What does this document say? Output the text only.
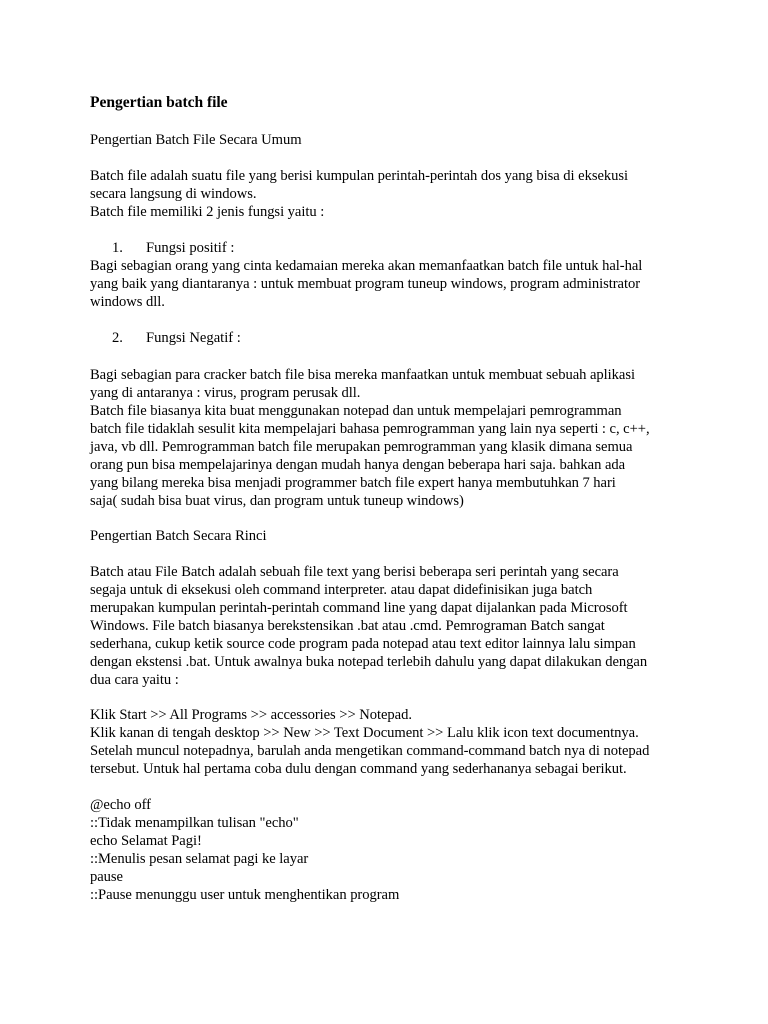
Pengertian batch file

Pengertian Batch File Secara Umum

Batch file adalah suatu file yang berisi kumpulan perintah-perintah dos yang bisa di eksekusi

secara langsung di windows.

Batch file memiliki 2 jenis fungsi yaitu :

1. Fungsi positif :

Bagi sebagian orang yang cinta kedamaian mereka akan memanfaatkan batch file untuk hal-hal

yang baik yang diantaranya : untuk membuat program tuneup windows, program administrator

windows dll.

2. Fungsi Negatif :

Bagi sebagian para cracker batch file bisa mereka manfaatkan untuk membuat sebuah aplikasi

yang di antaranya : virus, program perusak dll.

Batch file biasanya kita buat menggunakan notepad dan untuk mempelajari pemrogramman

batch file tidaklah sesulit kita mempelajari bahasa pemrogramman yang lain nya seperti : c, c++,

java, vb dll. Pemrogramman batch file merupakan pemrogramman yang klasik dimana semua

orang pun bisa mempelajarinya dengan mudah hanya dengan beberapa hari saja. bahkan ada

yang bilang mereka bisa menjadi programmer batch file expert hanya membutuhkan 7 hari

saja( sudah bisa buat virus, dan program untuk tuneup windows)

Pengertian Batch Secara Rinci

Batch atau File Batch adalah sebuah file text yang berisi beberapa seri perintah yang secara

segaja untuk di eksekusi oleh command interpreter. atau dapat didefinisikan juga batch

merupakan kumpulan perintah-perintah command line yang dapat dijalankan pada Microsoft

Windows. File batch biasanya berekstensikan .bat atau .cmd. Pemrograman Batch sangat

sederhana, cukup ketik source code program pada notepad atau text editor lainnya lalu simpan

dengan ekstensi .bat. Untuk awalnya buka notepad terlebih dahulu yang dapat dilakukan dengan

dua cara yaitu :

Klik Start >> All Programs >> accessories >> Notepad.

Klik kanan di tengah desktop >> New >> Text Document >> Lalu klik icon text documentnya.

Setelah muncul notepadnya, barulah anda mengetikan command-command batch nya di notepad

tersebut. Untuk hal pertama coba dulu dengan command yang sederhananya sebagai berikut.

@echo off

::Tidak menampilkan tulisan "echo"

echo Selamat Pagi!

::Menulis pesan selamat pagi ke layar

pause

::Pause menunggu user untuk menghentikan program
